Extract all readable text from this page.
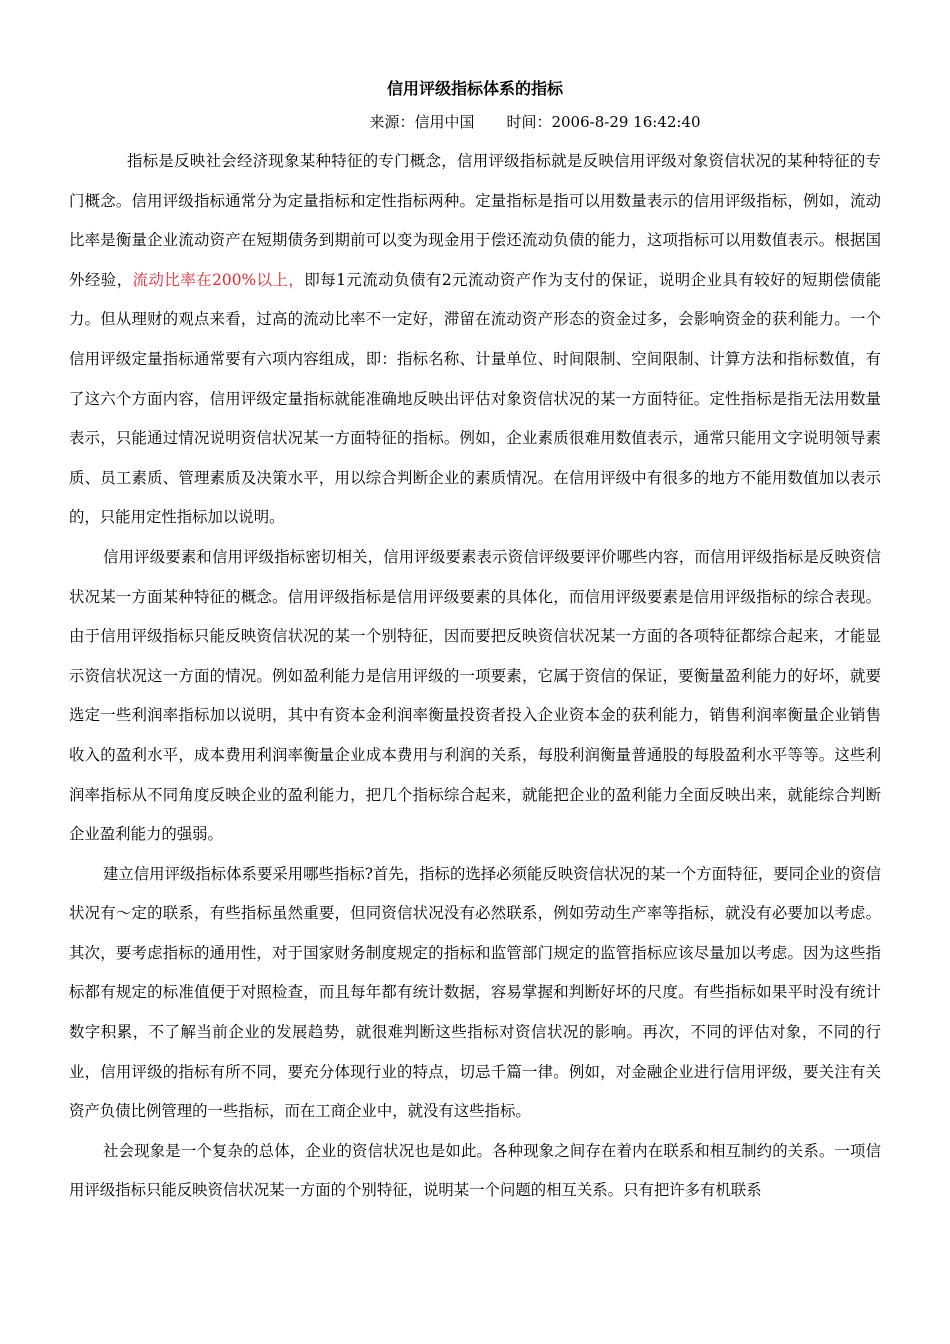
信用评级指标体系的指标
来源：信用中国 时间：2006-8-29 16:42:40

指标是反映社会经济现象某种特征的专门概念，信用评级指标就是反映信用评级对象资信状况的某种特征的专门概念。信用评级指标通常分为定量指标和定性指标两种。定量指标是指可以用数量表示的信用评级指标，例如，流动比率是衡量企业流动资产在短期债务到期前可以变为现金用于偿还流动负债的能力，这项指标可以用数值表示。根据国外经验，流动比率在200%以上，即每1元流动负债有2元流动资产作为支付的保证，说明企业具有较好的短期偿债能力。但从理财的观点来看，过高的流动比率不一定好，滞留在流动资产形态的资金过多，会影响资金的获利能力。一个信用评级定量指标通常要有六项内容组成，即：指标名称、计量单位、时间限制、空间限制、计算方法和指标数值，有了这六个方面内容，信用评级定量指标就能准确地反映出评估对象资信状况的某一方面特征。定性指标是指无法用数量表示，只能通过情况说明资信状况某一方面特征的指标。例如，企业素质很难用数值表示，通常只能用文字说明领导素质、员工素质、管理素质及决策水平，用以综合判断企业的素质情况。在信用评级中有很多的地方不能用数值加以表示的，只能用定性指标加以说明。

信用评级要素和信用评级指标密切相关，信用评级要素表示资信评级要评价哪些内容，而信用评级指标是反映资信状况某一方面某种特征的概念。信用评级指标是信用评级要素的具体化，而信用评级要素是信用评级指标的综合表现。由于信用评级指标只能反映资信状况的某一个别特征，因而要把反映资信状况某一方面的各项特征都综合起来，才能显示资信状况这一方面的情况。例如盈利能力是信用评级的一项要素，它属于资信的保证，要衡量盈利能力的好坏，就要选定一些利润率指标加以说明，其中有资本金利润率衡量投资者投入企业资本金的获利能力，销售利润率衡量企业销售收入的盈利水平，成本费用利润率衡量企业成本费用与利润的关系，每股利润衡量普通股的每股盈利水平等等。这些利润率指标从不同角度反映企业的盈利能力，把几个指标综合起来，就能把企业的盈利能力全面反映出来，就能综合判断企业盈利能力的强弱。

建立信用评级指标体系要采用哪些指标?首先，指标的选择必须能反映资信状况的某一个方面特征，要同企业的资信状况有～定的联系，有些指标虽然重要，但同资信状况没有必然联系，例如劳动生产率等指标，就没有必要加以考虑。其次，要考虑指标的通用性，对于国家财务制度规定的指标和监管部门规定的监管指标应该尽量加以考虑。因为这些指标都有规定的标准值便于对照检查，而且每年都有统计数据，容易掌握和判断好坏的尺度。有些指标如果平时没有统计数字积累，不了解当前企业的发展趋势，就很难判断这些指标对资信状况的影响。再次，不同的评估对象，不同的行业，信用评级的指标有所不同，要充分体现行业的特点，切忌千篇一律。例如，对金融企业进行信用评级，要关注有关资产负债比例管理的一些指标，而在工商企业中，就没有这些指标。

社会现象是一个复杂的总体，企业的资信状况也是如此。各种现象之间存在着内在联系和相互制约的关系。一项信用评级指标只能反映资信状况某一方面的个别特征，说明某一个问题的相互关系。只有把许多有机联系
